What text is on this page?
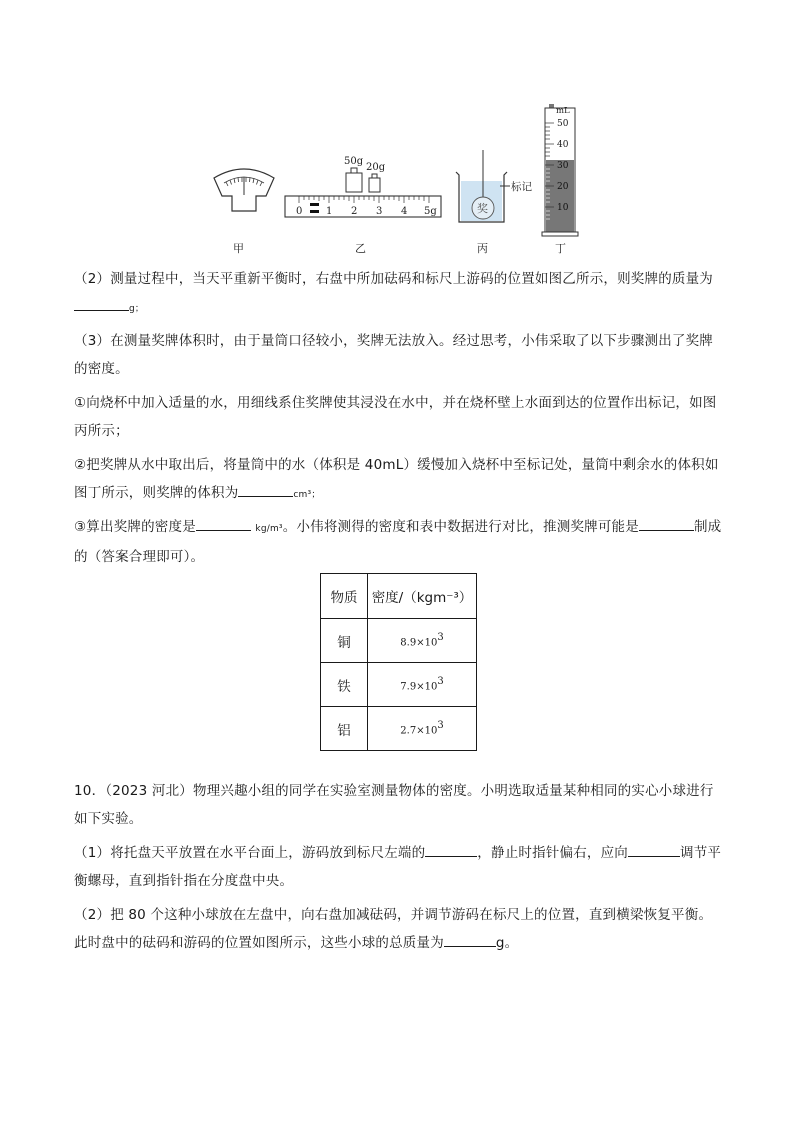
50g
20g
0 1 2 3 4 5g	奖
标记
mL
50
40
30
20
10
甲	乙	丙	丁
（2）测量过程中，当天平重新平衡时，右盘中所加砝码和标尺上游码的位置如图乙所示，则奖牌的质量为
g；
（3）在测量奖牌体积时，由于量筒口径较小，奖牌无法放入。经过思考，小伟采取了以下步骤测出了奖牌的密度。
①向烧杯中加入适量的水，用细线系住奖牌使其浸没在水中，并在烧杯壁上水面到达的位置作出标记，如图丙所示；
②把奖牌从水中取出后，将量筒中的水（体积是 40mL）缓慢加入烧杯中至标记处，量筒中剩余水的体积如图丁所示，则奖牌的体积为	cm³；
③算出奖牌的密度是	kg/m³。小伟将测得的密度和表中数据进行对比，推测奖牌可能是	制成的（答案合理即可）。
物质	密度/（kgm⁻³）
铜	$8.9\times 10^3$
铁	$7.9\times 10^3$
铝	$2.7\times 10^3$
10．（2023 河北）物理兴趣小组的同学在实验室测量物体的密度。小明选取适量某种相同的实心小球进行如下实验。
（1）将托盘天平放置在水平台面上，游码放到标尺左端的	，静止时指针偏右，应向	调节平衡螺母，直到指针指在分度盘中央。
（2）把 80 个这种小球放在左盘中，向右盘加减砝码，并调节游码在标尺上的位置，直到横梁恢复平衡。此时盘中的砝码和游码的位置如图所示，这些小球的总质量为	g。
